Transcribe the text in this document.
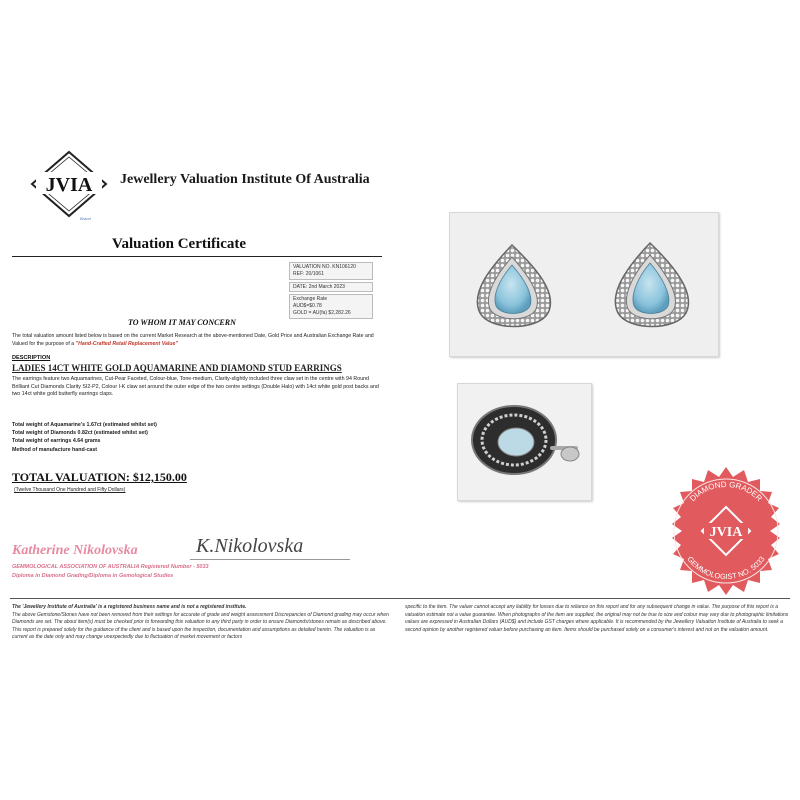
JVIA
Brand
Jewellery Valuation Institute Of Australia
Valuation Certificate
VALUATION NO. KN106120
REF: 20/1061
DATE: 2nd March 2023
Exchange Rate
AUD$=$0.78
GOLD = AU(fa) $2,282.26
TO WHOM IT MAY CONCERN
The total valuation amount listed below is based on the current Market Research at the above-mentioned Date, Gold Price and Australian Exchange Rate and Valued for the purpose of a "Hand-Crafted Retail Replacement Value"
DESCRIPTION
LADIES 14CT WHITE GOLD AQUAMARINE AND DIAMOND STUD EARRINGS
The earrings feature two Aquamarines, Cut-Pear Faceted, Colour-blue, Tone-medium, Clarity-slightly included three claw set in the centre with 94 Round Brilliant Cut Diamonds Clarity SI2-P2, Colour I-K claw set around the outer edge of the two centre settings (Double Halo) with 14ct white gold post backs and two 14ct white gold butterfly earrings claps.
Total weight of Aquamarine's 1.67ct (estimated whilst set)
Total weight of Diamonds 0.82ct (estimated whilst set)
Total weight of earrings 4.64 grams
Method of manufacture hand-cast
TOTAL VALUATION: $12,150.00
(Twelve Thousand One Hundred and Fifty Dollars)
Katherine Nikolovska	K.Nikolovska
GEMMOLOGICAL ASSOCIATION OF AUSTRALIA Registered Number - 5033
Diploma in Diamond Grading/Diploma in Gemological Studies
The 'Jewellery Institute of Australia' is a registered business name and is not a registered institute.
The above Gemstone/Stones have not been removed from their settings for accurate of grade and weight assessment Discrepancies of Diamond grading may occur when Diamonds are set. The about item(s) must be checked prior to forwarding this valuation to any third party in order to ensure Diamonds/stones remain as described above. This report is prepared solely for the guidance of the client and is based upon the inspection, documentation and assumptions as detailed herein. The valuation is as current as the date only and may change unexpectedly due to fluctuation of market movement or factors
specific to the item. The valuer cannot accept any liability for losses due to reliance on this report and for any subsequent change in value. The purpose of this report is a valuation estimate not a value guarantee. When photographs of the item are supplied, the original may not be true to size and colour may vary due to photographic limitations values are expressed in Australian Dollars (AUD$) and include GST charges where applicable. It is recommended by the Jewellery Valuation Institute of Australia to seek a second opinion by another registered valuer before purchasing an item. Items should be purchased solely on a consumer's interest and not on the valuation amount.
DIAMOND GRADER
GEMMOLOGIST NO. 5033
JVIA
